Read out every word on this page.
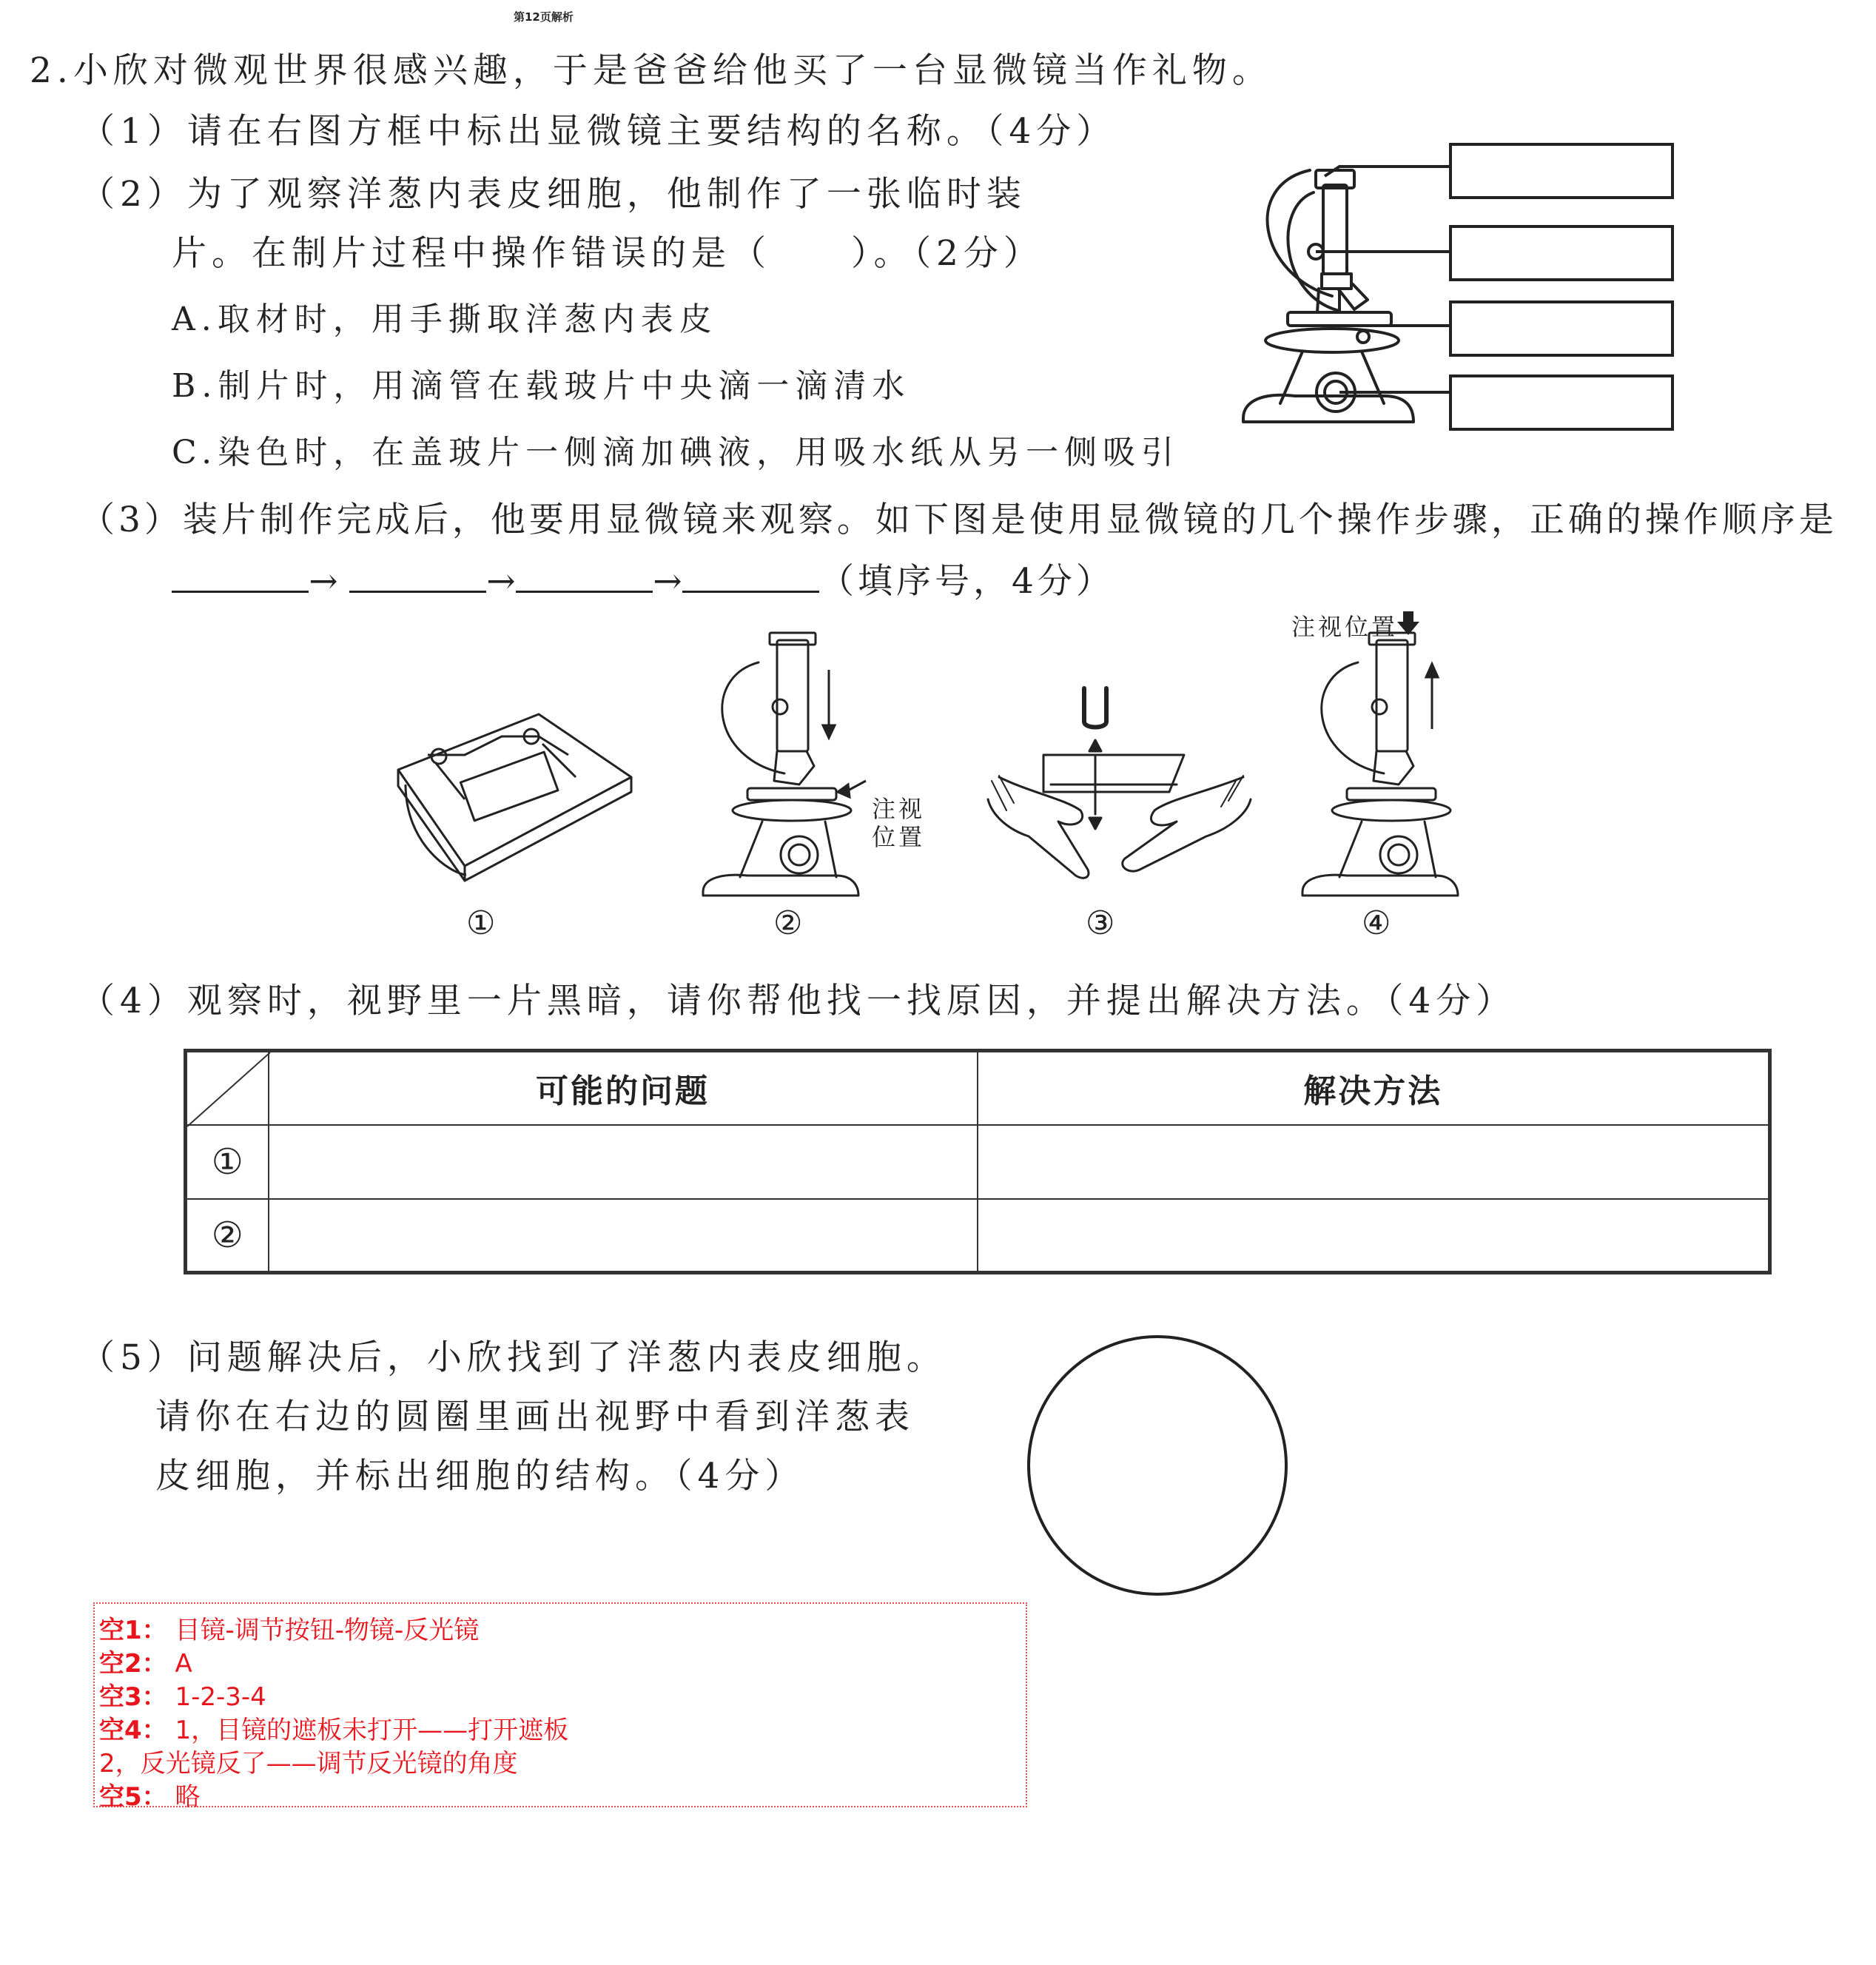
第12页解析
2.小欣对微观世界很感兴趣，于是爸爸给他买了一台显微镜当作礼物。
（1）请在右图方框中标出显微镜主要结构的名称。（4分）
（2）为了观察洋葱内表皮细胞，他制作了一张临时装
片。在制片过程中操作错误的是（　　）。（2分）
A.取材时，用手撕取洋葱内表皮
B.制片时，用滴管在载玻片中央滴一滴清水
C.染色时，在盖玻片一侧滴加碘液，用吸水纸从另一侧吸引
（3）装片制作完成后，他要用显微镜来观察。如下图是使用显微镜的几个操作步骤，正确的操作顺序是
→	→	→	（填序号，4分）
注视
位置
注视位置
①	②	③	④
（4）观察时，视野里一片黑暗，请你帮他找一找原因，并提出解决方法。（4分）
	可能的问题	解决方法
①		
②		
（5）问题解决后，小欣找到了洋葱内表皮细胞。
请你在右边的圆圈里画出视野中看到洋葱表
皮细胞，并标出细胞的结构。（4分）
空1： 目镜-调节按钮-物镜-反光镜
空2： A
空3： 1-2-3-4
空4： 1，目镜的遮板未打开——打开遮板
2，反光镜反了——调节反光镜的角度
空5： 略
